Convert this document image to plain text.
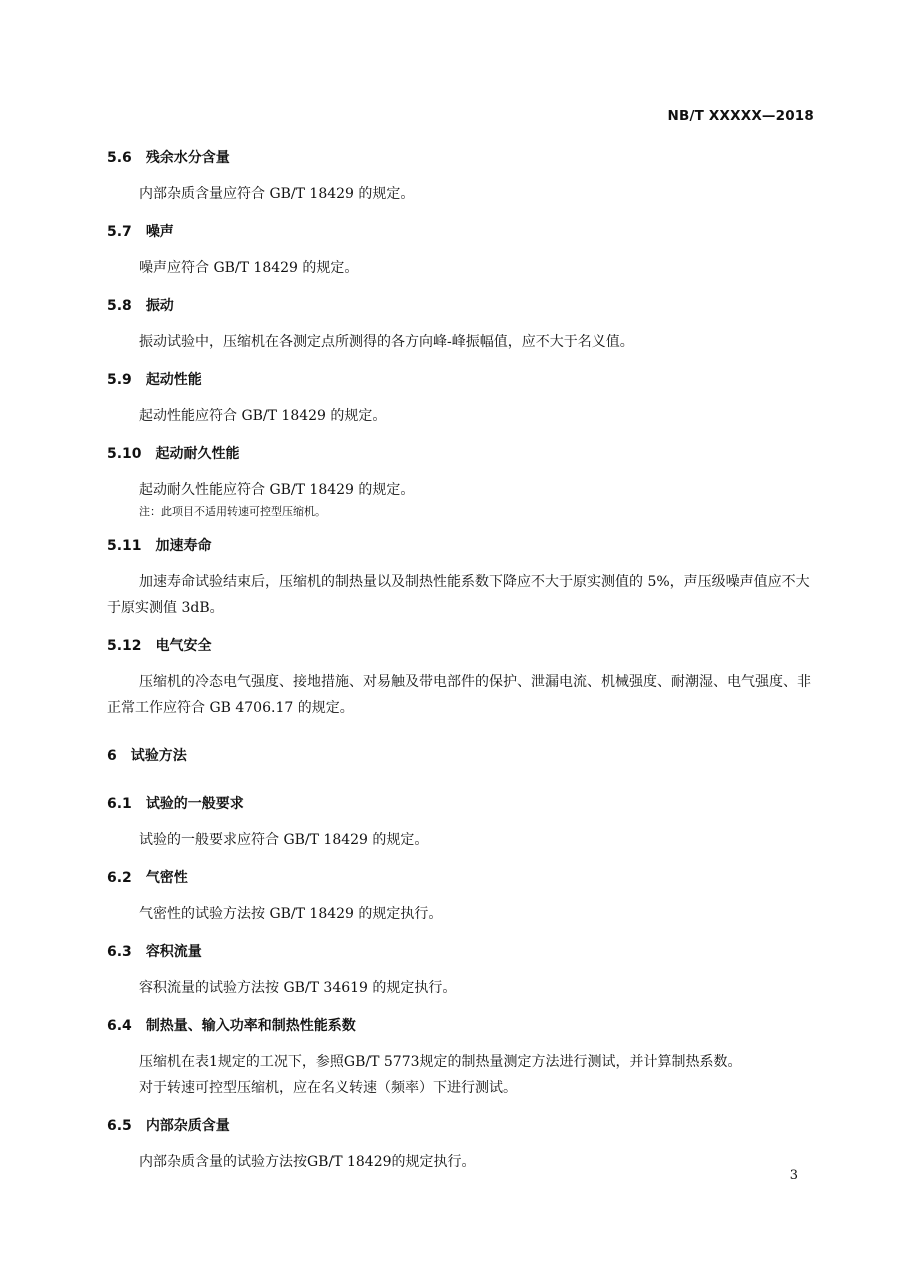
NB/T XXXXX—2018
5.6 残余水分含量

内部杂质含量应符合 GB/T 18429 的规定。

5.7 噪声

噪声应符合 GB/T 18429 的规定。

5.8 振动

振动试验中，压缩机在各测定点所测得的各方向峰-峰振幅值，应不大于名义值。

5.9 起动性能

起动性能应符合 GB/T 18429 的规定。

5.10 起动耐久性能

起动耐久性能应符合 GB/T 18429 的规定。

注：此项目不适用转速可控型压缩机。

5.11 加速寿命

加速寿命试验结束后，压缩机的制热量以及制热性能系数下降应不大于原实测值的 5%，声压级噪声值应不大于原实测值 3dB。

5.12 电气安全

压缩机的冷态电气强度、接地措施、对易触及带电部件的保护、泄漏电流、机械强度、耐潮湿、电气强度、非正常工作应符合 GB 4706.17 的规定。

6 试验方法
6.1 试验的一般要求

试验的一般要求应符合 GB/T 18429 的规定。

6.2 气密性

气密性的试验方法按 GB/T 18429 的规定执行。

6.3 容积流量

容积流量的试验方法按 GB/T 34619 的规定执行。

6.4 制热量、输入功率和制热性能系数

压缩机在表1规定的工况下，参照GB/T 5773规定的制热量测定方法进行测试，并计算制热系数。

对于转速可控型压缩机，应在名义转速（频率）下进行测试。

6.5 内部杂质含量

内部杂质含量的试验方法按GB/T 18429的规定执行。

3
